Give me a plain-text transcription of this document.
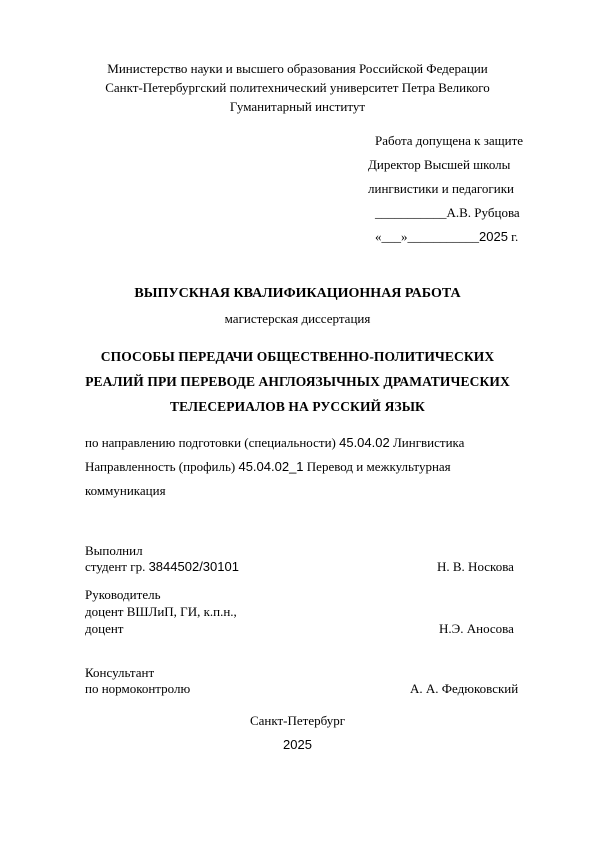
Министерство науки и высшего образования Российской Федерации
Санкт-Петербургский политехнический университет Петра Великого
Гуманитарный институт
Работа допущена к защите
Директор Высшей школы
лингвистики и педагогики
___________А.В. Рубцова
«___»___________2025 г.
ВЫПУСКНАЯ КВАЛИФИКАЦИОННАЯ РАБОТА
магистерская диссертация
СПОСОБЫ ПЕРЕДАЧИ ОБЩЕСТВЕННО-ПОЛИТИЧЕСКИХ
РЕАЛИЙ ПРИ ПЕРЕВОДЕ АНГЛОЯЗЫЧНЫХ ДРАМАТИЧЕСКИХ
ТЕЛЕСЕРИАЛОВ НА РУССКИЙ ЯЗЫК
по направлению подготовки (специальности) 45.04.02 Лингвистика
Направленность (профиль) 45.04.02_1 Перевод и межкультурная
коммуникация
Выполнил
студент гр. 3844502/30101	Н. В. Носкова
Руководитель
доцент ВШЛиП, ГИ, к.п.н.,
доцент	Н.Э. Аносова
Консультант
по нормоконтролю	А. А. Федюковский
Санкт-Петербург
2025
